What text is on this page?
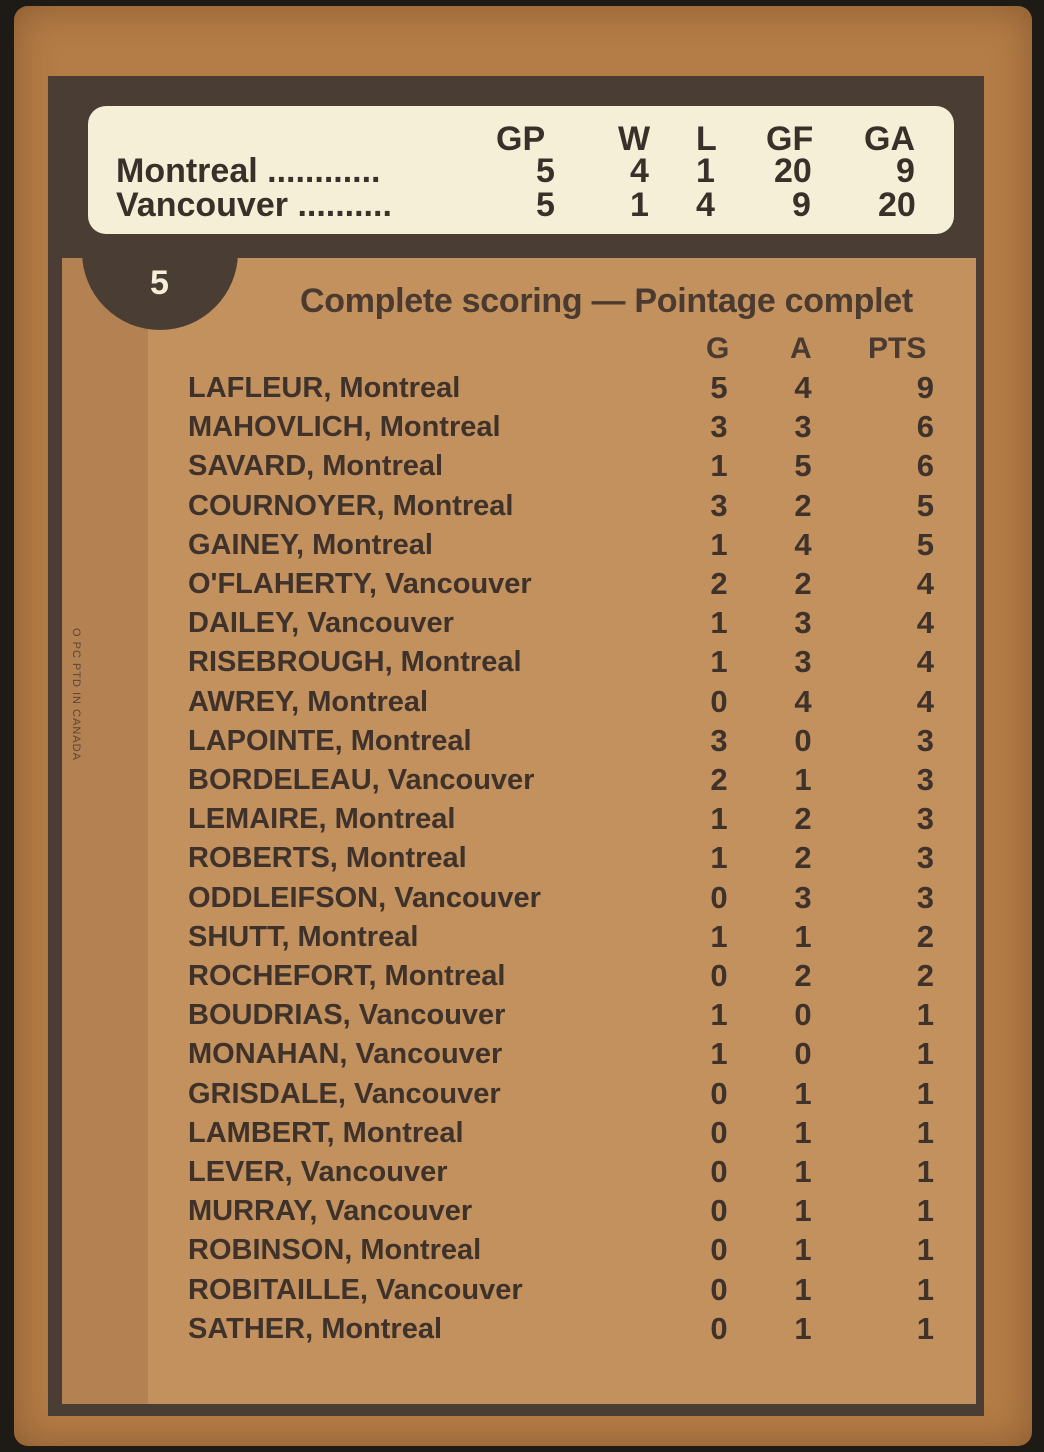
GP W L GF GA
Montreal ............	5 4 1 20 9
Vancouver ..........	5 1 4 9 20
5	Complete scoring — Pointage complet
G A PTS
LAFLEUR, Montreal	5 4	9
MAHOVLICH, Montreal	3 3	6
SAVARD, Montreal	1 5	6
COURNOYER, Montreal	3 2	5
GAINEY, Montreal	1 4	5
O'FLAHERTY, Vancouver	2 2	4
DAILEY, Vancouver	1 3	4
RISEBROUGH, Montreal	1 3	4
AWREY, Montreal	0 4	4
LAPOINTE, Montreal	3 0	3
BORDELEAU, Vancouver	2 1	3
LEMAIRE, Montreal	1 2	3
ROBERTS, Montreal	1 2	3
ODDLEIFSON, Vancouver	0 3	3
SHUTT, Montreal	1 1	2
ROCHEFORT, Montreal	0 2	2
BOUDRIAS, Vancouver	1 0	1
MONAHAN, Vancouver	1 0	1
GRISDALE, Vancouver	0 1	1
LAMBERT, Montreal	0 1	1
LEVER, Vancouver	0 1	1
MURRAY, Vancouver	0 1	1
ROBINSON, Montreal	0 1	1
ROBITAILLE, Vancouver	0 1	1
SATHER, Montreal	0 1	1
O PC PTD IN CANADA
